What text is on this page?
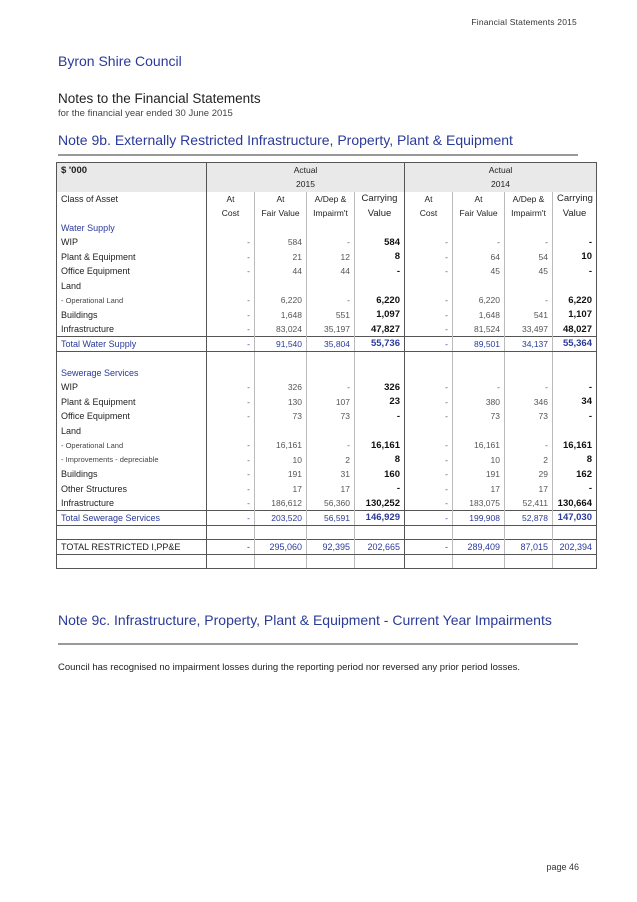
Financial Statements 2015
Byron Shire Council
Notes to the Financial Statements
for the financial year ended 30 June 2015
Note 9b. Externally Restricted Infrastructure, Property, Plant & Equipment
$ '000	Actual				Actual			
	2015				2014			
Class of Asset	At	At	A/Dep &	Carrying	At	At	A/Dep &	Carrying
	Cost	Fair Value	Impairm't	Value	Cost	Fair Value	Impairm't	Value
Water Supply								
WIP	-	584	-	584	-	-	-	-
Plant & Equipment	-	21	12	8	-	64	54	10
Office Equipment	-	44	44	-	-	45	45	-
Land								
- Operational Land	-	6,220	-	6,220	-	6,220	-	6,220
Buildings	-	1,648	551	1,097	-	1,648	541	1,107
Infrastructure	-	83,024	35,197	47,827	-	81,524	33,497	48,027
Total Water Supply	-	91,540	35,804	55,736	-	89,501	34,137	55,364

Sewerage Services								
WIP	-	326	-	326	-	-	-	-
Plant & Equipment	-	130	107	23	-	380	346	34
Office Equipment	-	73	73	-	-	73	73	-
Land								
- Operational Land	-	16,161	-	16,161	-	16,161	-	16,161
- Improvements - depreciable	-	10	2	8	-	10	2	8
Buildings	-	191	31	160	-	191	29	162
Other Structures	-	17	17	-	-	17	17	-
Infrastructure	-	186,612	56,360	130,252	-	183,075	52,411	130,664
Total Sewerage Services	-	203,520	56,591	146,929	-	199,908	52,878	147,030

TOTAL RESTRICTED I,PP&E	-	295,060	92,395	202,665	-	289,409	87,015	202,394

Note 9c. Infrastructure, Property, Plant & Equipment - Current Year Impairments
Council has recognised no impairment losses during the reporting period nor reversed any prior period losses.
page 46
